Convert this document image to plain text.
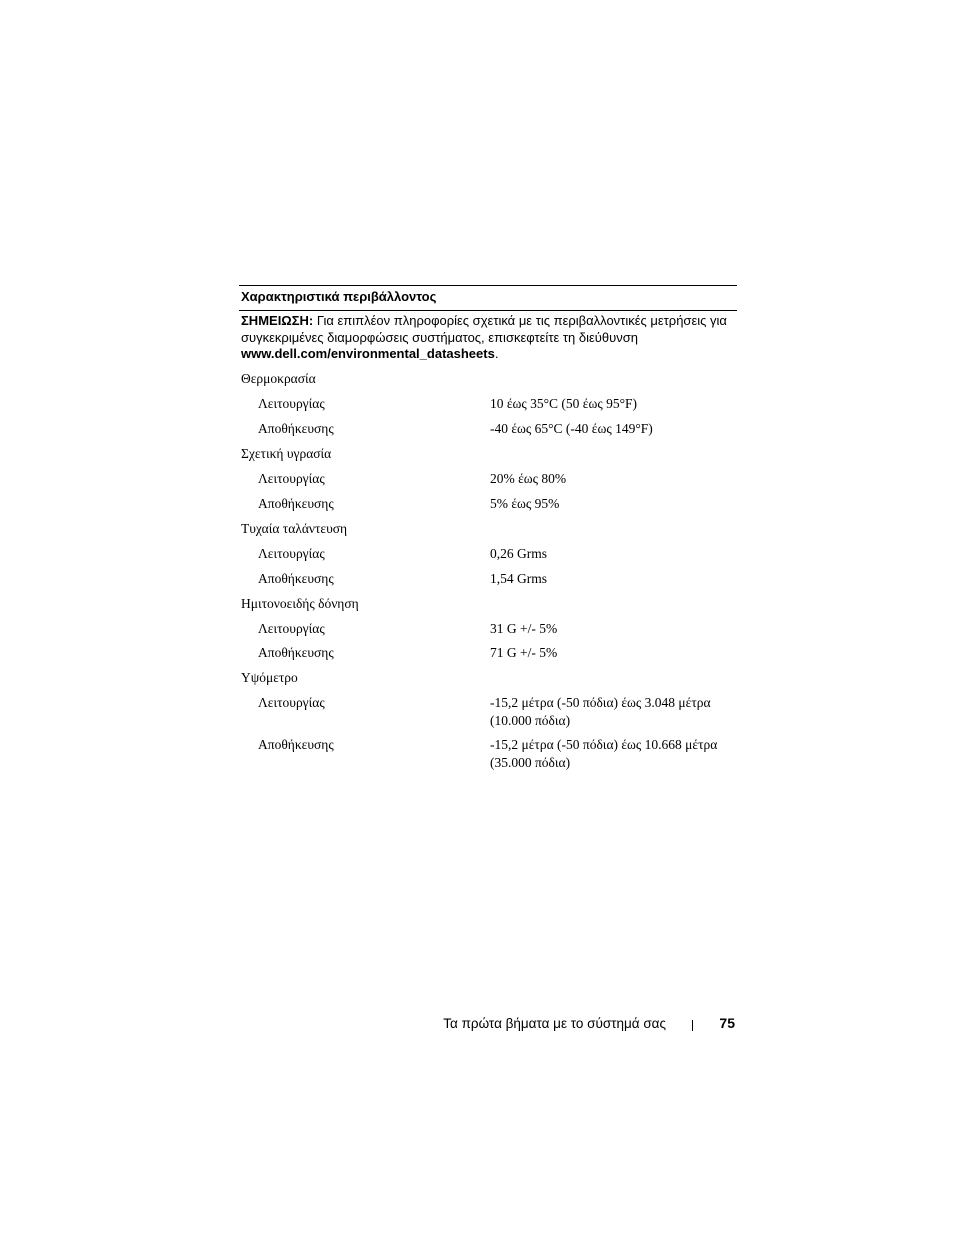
Χαρακτηριστικά περιβάλλοντος
ΣΗΜΕΙΩΣΗ: Για επιπλέον πληροφορίες σχετικά με τις περιβαλλοντικές μετρήσεις για συγκεκριμένες διαμορφώσεις συστήματος, επισκεφτείτε τη διεύθυνση www.dell.com/environmental_datasheets.
Θερμοκρασία
Λειτουργίας	10 έως 35°C (50 έως 95°F)
Αποθήκευσης	-40 έως 65°C (-40 έως 149°F)
Σχετική υγρασία
Λειτουργίας	20% έως 80%
Αποθήκευσης	5% έως 95%
Τυχαία ταλάντευση
Λειτουργίας	0,26 Grms
Αποθήκευσης	1,54 Grms
Ημιτονοειδής δόνηση
Λειτουργίας	31 G +/- 5%
Αποθήκευσης	71 G +/- 5%
Υψόμετρο
Λειτουργίας	-15,2 μέτρα (-50 πόδια) έως 3.048 μέτρα (10.000 πόδια)
Αποθήκευσης	-15,2 μέτρα (-50 πόδια) έως 10.668 μέτρα (35.000 πόδια)
Τα πρώτα βήματα με το σύστημά σας	75
